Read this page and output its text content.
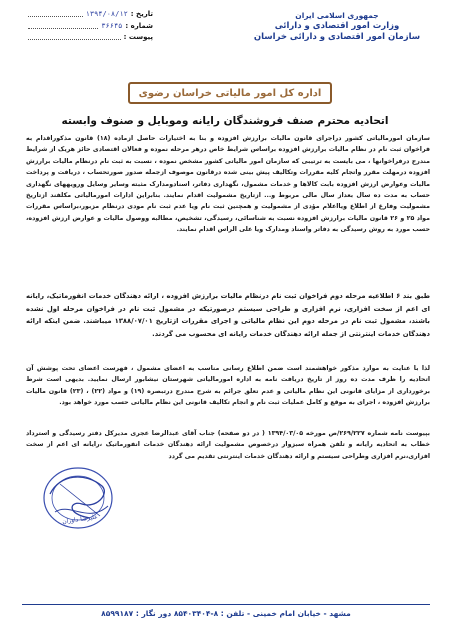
تاریخ :
۱۳۹۴/۰۸/۱۲
شماره :
۳۶۶۴۵
پیوست :
جمهوری اسلامی ایران
وزارت امور اقتصادی و دارائی
سازمان امور اقتصادی و دارائی خراسان
اداره کل امور مالیاتی خراسان رضوی
اتحادیه محترم صنف فروشندگان رایانه وموبایل و صنوف وابسته
سازمان امورمالیاتی کشور دراجرای قانون مالیات برارزش افزوده و بنا به اختیارات حاصل ازماده (۱۸) قانون مذکوراقدام به فراخوان ثبت نام در نظام مالیات برارزش افزوده براساس شرایط خاص درهر مرحله نموده و فعالان اقتصادی حائز هریک از شرایط مندرج درفراخوانها ، می بایست به ترتیبی که سازمان امور مالیاتی کشور مشخص نموده ، نسبت به ثبت نام درنظام مالیات برارزش افزوده درمهلت مقرر واتجام کلیه مقررات وتکالیف پیش بینی شده درقانون موصوف ازجمله صدور صورتحساب ، دریافت و پرداخت مالیات وعوارض ارزش افزوده بابت کالاها و خدمات مشمول، نگهداری دفاتر، اسنادومدارک مثبته وسایر وسایل ورویههای نگهداری حساب به مدت ده سال بعداز سال مالی مربوط و... ازتاریخ مشمولیت اقدام نمایند. بنابراین ادارات امورمالیاتی مکلفند ازتاریخ مشمولیت وفارغ از اطلاع ویااعلام مؤدی از مشمولیت و همچنین ثبت نام ویا عدم ثبت نام مودی درنظام مزبور،براساس مقررات مواد ۲۵ و ۲۶ قانون مالیات برارزش افزوده نسبت به شناسائی، رسیدگی، تشخیص، مطالبه ووصول مالیات و عوارض ارزش افزوده، حسب مورد به روش رسیدگی به دفاتر واسناد ومدارک ویا علی الراس اقدام نمایند.
طبق بند ۶ اطلاعیه مرحله دوم فراخوان ثبت نام درنظام مالیات برارزش افزوده ، ارائه دهندگان خدمات انفورماتیک، رایانه ای اعم از سخت افزاری، نرم افزاری و طراحی سیستم درصورتیکه در مشمول ثبت نام در فراخوان مرحله اول نشده باشند، مشمول ثبت نام در مرحله دوم این نظام مالیاتی و اجرای مقررات ازتاریخ ۱۳۸۸/۰۷/۰۱ میباشند. ضمن اینکه ارائه دهندگان خدمات اینترنتی از جمله ارائه دهندگان خدمات رایانه ای محسوب می گردند.
لذا با عنایت به موارد مذکور خواهشمند است ضمن اطلاع رسانی مناسب به اعضای مشمول ، فهرست اعضای تحت پوشش آن اتحادیه را ظرف مدت ده روز از تاریخ دریافت نامه به اداره امورمالیاتی شهرستان نیشابور ارسال نمایید. بدیهی است شرط برخورداری از مزایای قانونی این نظام مالیاتی و عدم تعلق جرائم به شرح مندرج درتبصره (۱۹) و مواد (۲۲) ، (۲۳) قانون مالیات برارزش افزوده ، اجرای به موقع و کامل عملیات ثبت نام و انجام تکالیف قانونی این نظام مالیاتی حسب مورد خواهد بود.
بپیوست نامه شماره ۲۶۹/۲۲۷/ص مورخه ۱۳۹۴/۰۳/۰۵ ( در دو صفحه) جناب آقای عبدالرضا عجری مدیرکل دفتر رسیدگی و استرداد خطاب به اتحادیه رایانه و تلفن همراه سبزوار درخصوص مشمولیت ارائه دهندگان خدمات انفورماتیک ،رایانه ای اعم از سخت افزاری،نرم افزاری وطراحی سیستم و ارائه دهندگان خدمات اینترنتی تقدیم می گردد
علیرضا داوران
مشهد - خیابان امام خمینی - تلفن : ۸-۸۵۴۰۳۴۰۴ دور نگار : ۸۵۹۹۱۸۷
